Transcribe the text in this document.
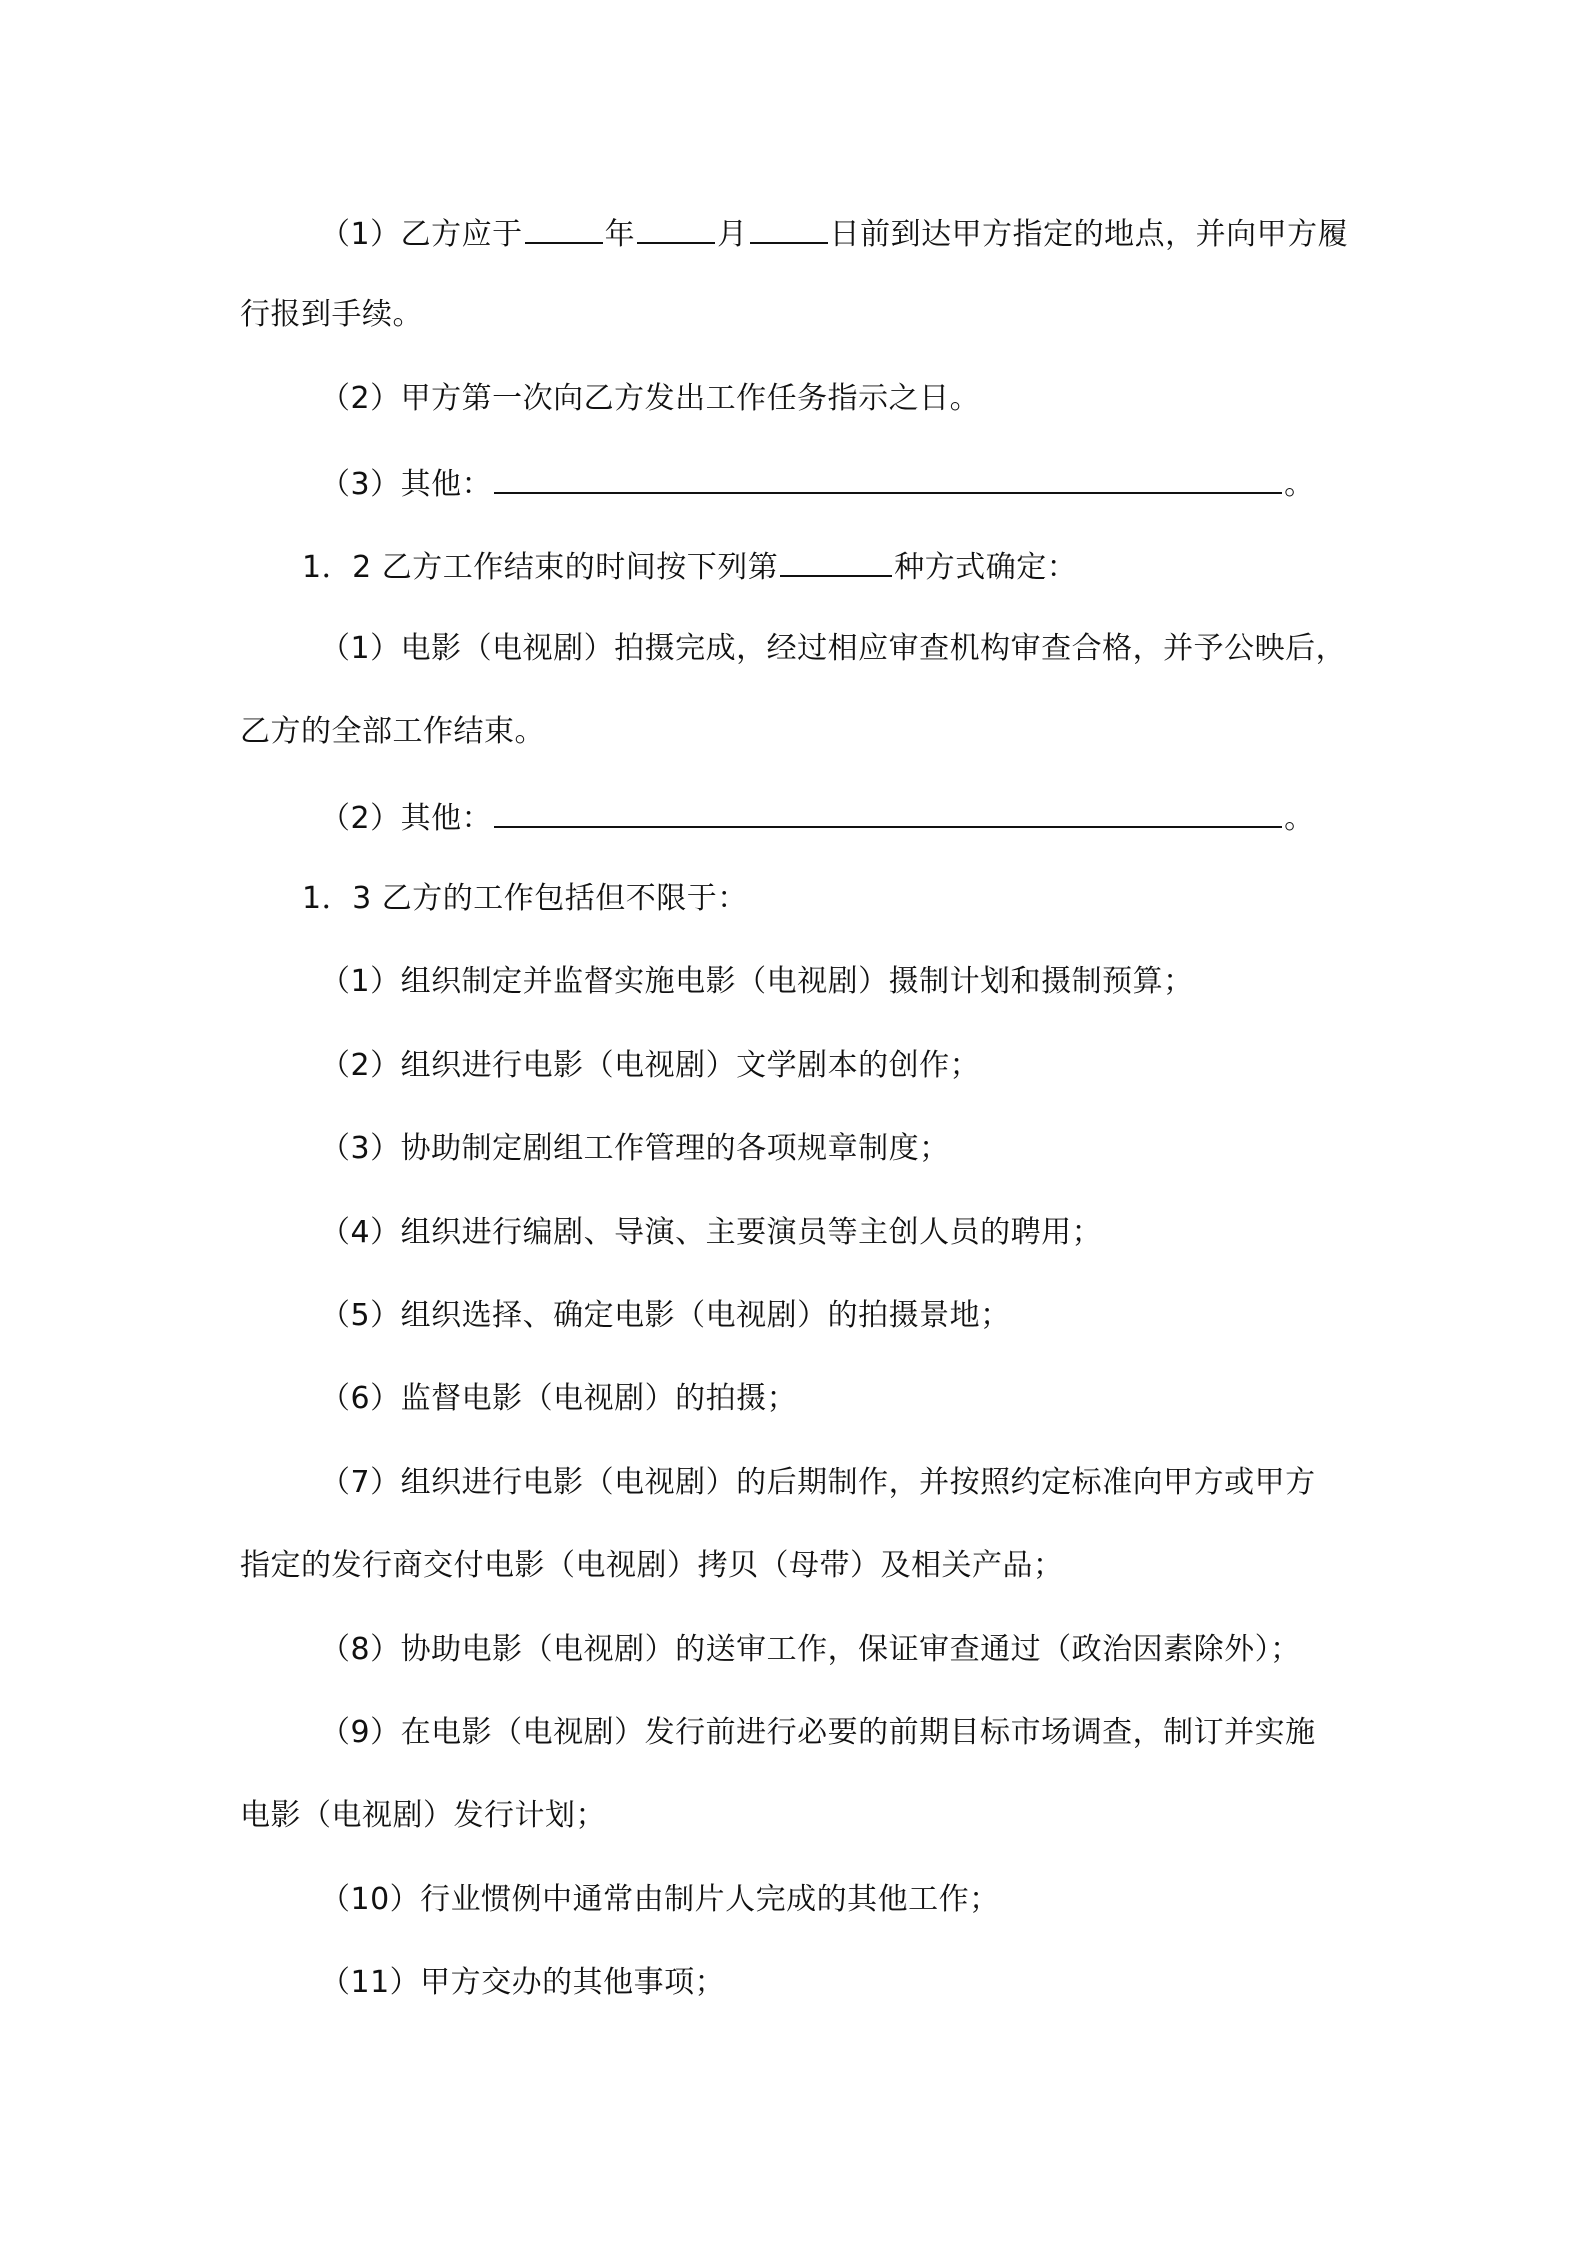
（1）乙方应于	年	月	日前到达甲方指定的地点，并向甲方履
行报到手续。
（2）甲方第一次向乙方发出工作任务指示之日。
（3）其他：	。
1．2 乙方工作结束的时间按下列第	种方式确定：
（1）电影（电视剧）拍摄完成，经过相应审查机构审查合格，并予公映后，
乙方的全部工作结束。
（2）其他：	。
1．3 乙方的工作包括但不限于：
（1）组织制定并监督实施电影（电视剧）摄制计划和摄制预算；
（2）组织进行电影（电视剧）文学剧本的创作；
（3）协助制定剧组工作管理的各项规章制度；
（4）组织进行编剧、导演、主要演员等主创人员的聘用；
（5）组织选择、确定电影（电视剧）的拍摄景地；
（6）监督电影（电视剧）的拍摄；
（7）组织进行电影（电视剧）的后期制作，并按照约定标准向甲方或甲方
指定的发行商交付电影（电视剧）拷贝（母带）及相关产品；
（8）协助电影（电视剧）的送审工作，保证审查通过（政治因素除外）；
（9）在电影（电视剧）发行前进行必要的前期目标市场调查，制订并实施
电影（电视剧）发行计划；
（10）行业惯例中通常由制片人完成的其他工作；
（11）甲方交办的其他事项；
